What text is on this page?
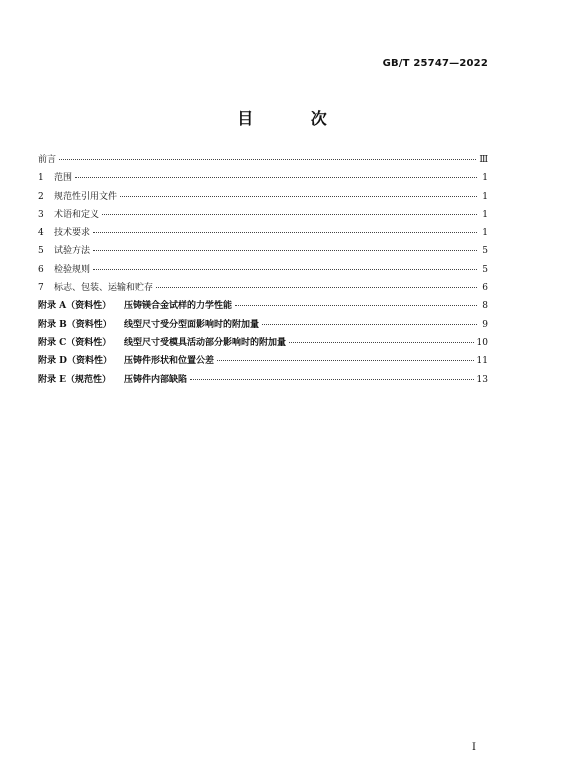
GB/T 25747—2022
目 次
前言	Ⅲ
1	范围	1
2	规范性引用文件	1
3	术语和定义	1
4	技术要求	1
5	试验方法	5
6	检验规则	5
7	标志、包装、运输和贮存	6
附录 A（资料性）	压铸镁合金试样的力学性能	8
附录 B（资料性）	线型尺寸受分型面影响时的附加量	9
附录 C（资料性）	线型尺寸受模具活动部分影响时的附加量	10
附录 D（资料性）	压铸件形状和位置公差	11
附录 E（规范性）	压铸件内部缺陷	13
I
